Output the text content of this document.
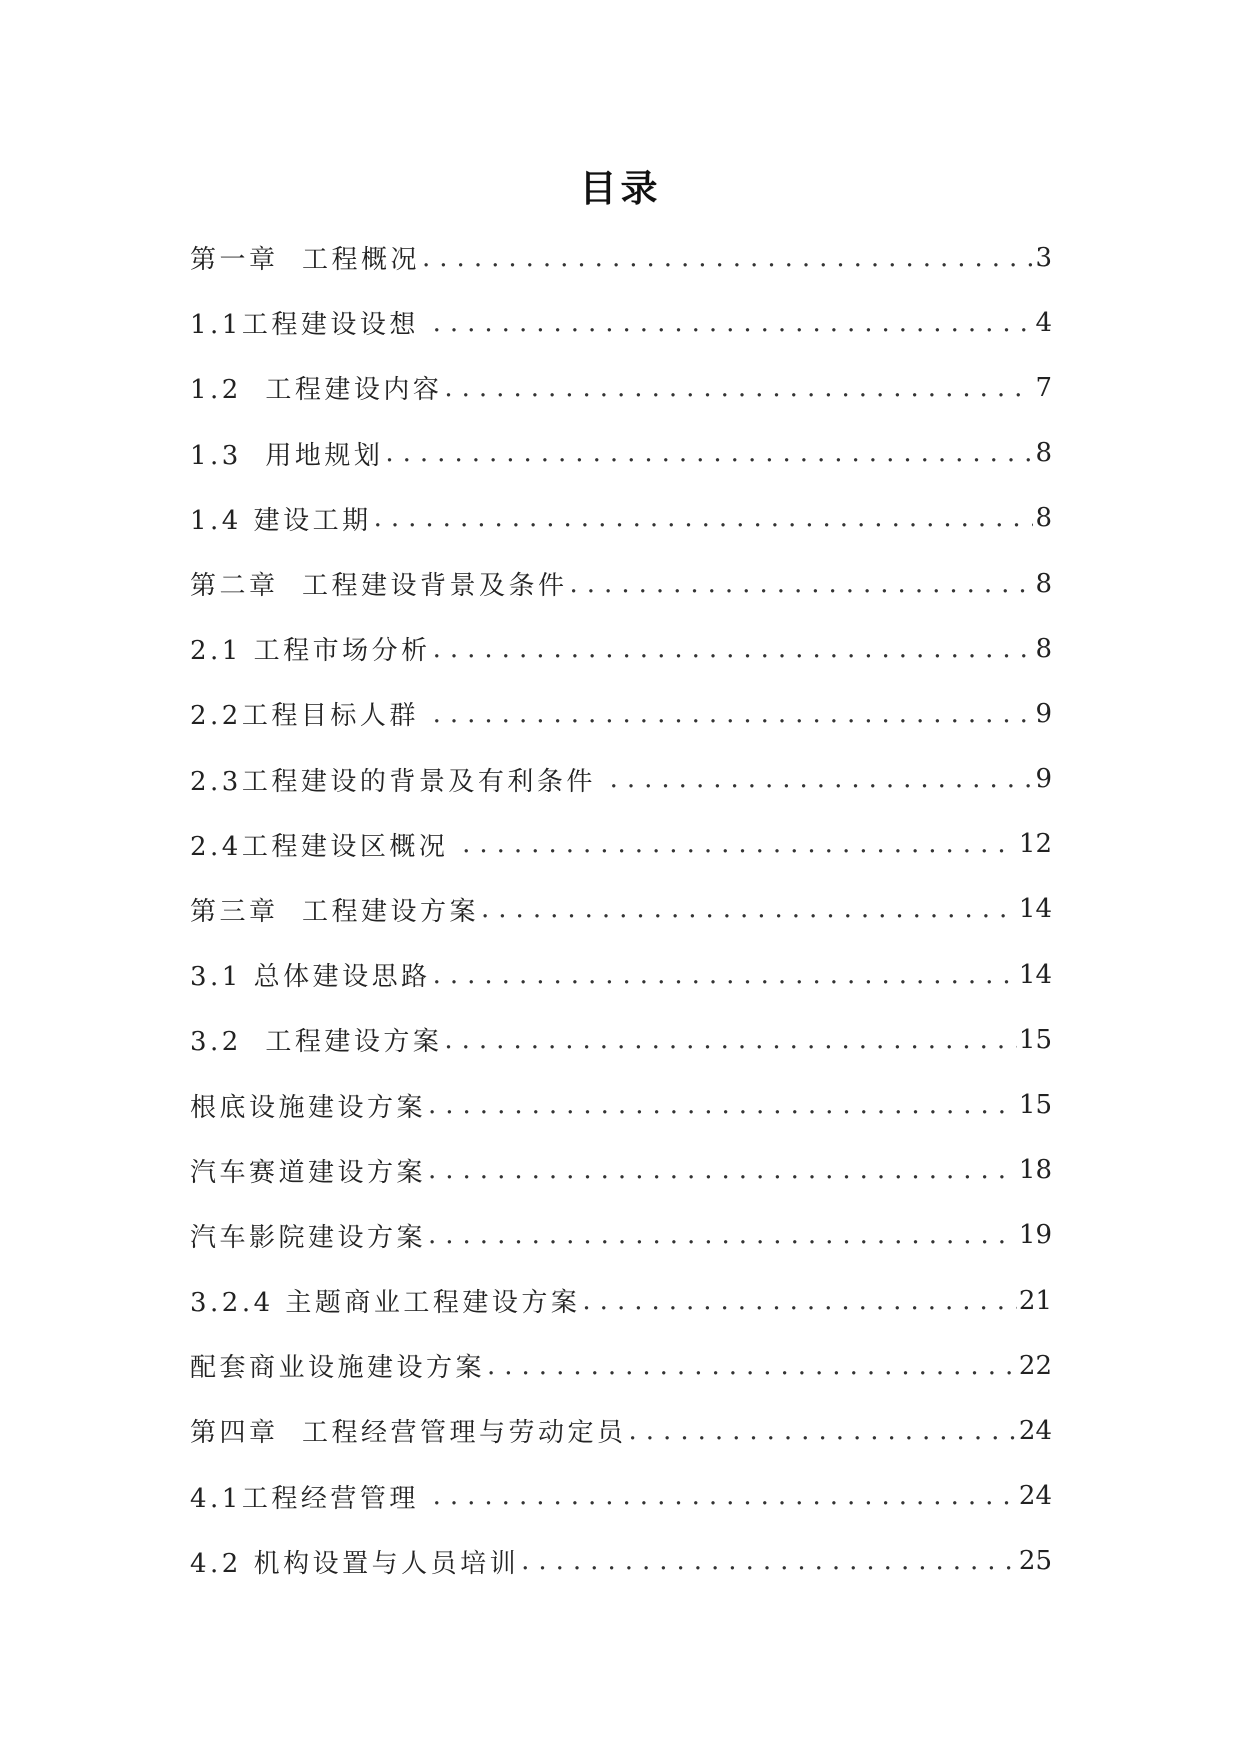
目录
第一章  工程概况 .....	3
1.1工程建设设想 .....	4
1.2  工程建设内容 .....	7
1.3  用地规划 .....	8
1.4 建设工期 .....	8
第二章  工程建设背景及条件 .....	8
2.1 工程市场分析 .....	8
2.2工程目标人群 .....	9
2.3工程建设的背景及有利条件 .....	9
2.4工程建设区概况 .....	12
第三章  工程建设方案 .....	14
3.1 总体建设思路 .....	14
3.2  工程建设方案 .....	15
根底设施建设方案 .....	15
汽车赛道建设方案 .....	18
汽车影院建设方案 .....	19
3.2.4 主题商业工程建设方案 .....	21
配套商业设施建设方案 .....	22
第四章  工程经营管理与劳动定员 .....	24
4.1工程经营管理 .....	24
4.2 机构设置与人员培训 .....	25
